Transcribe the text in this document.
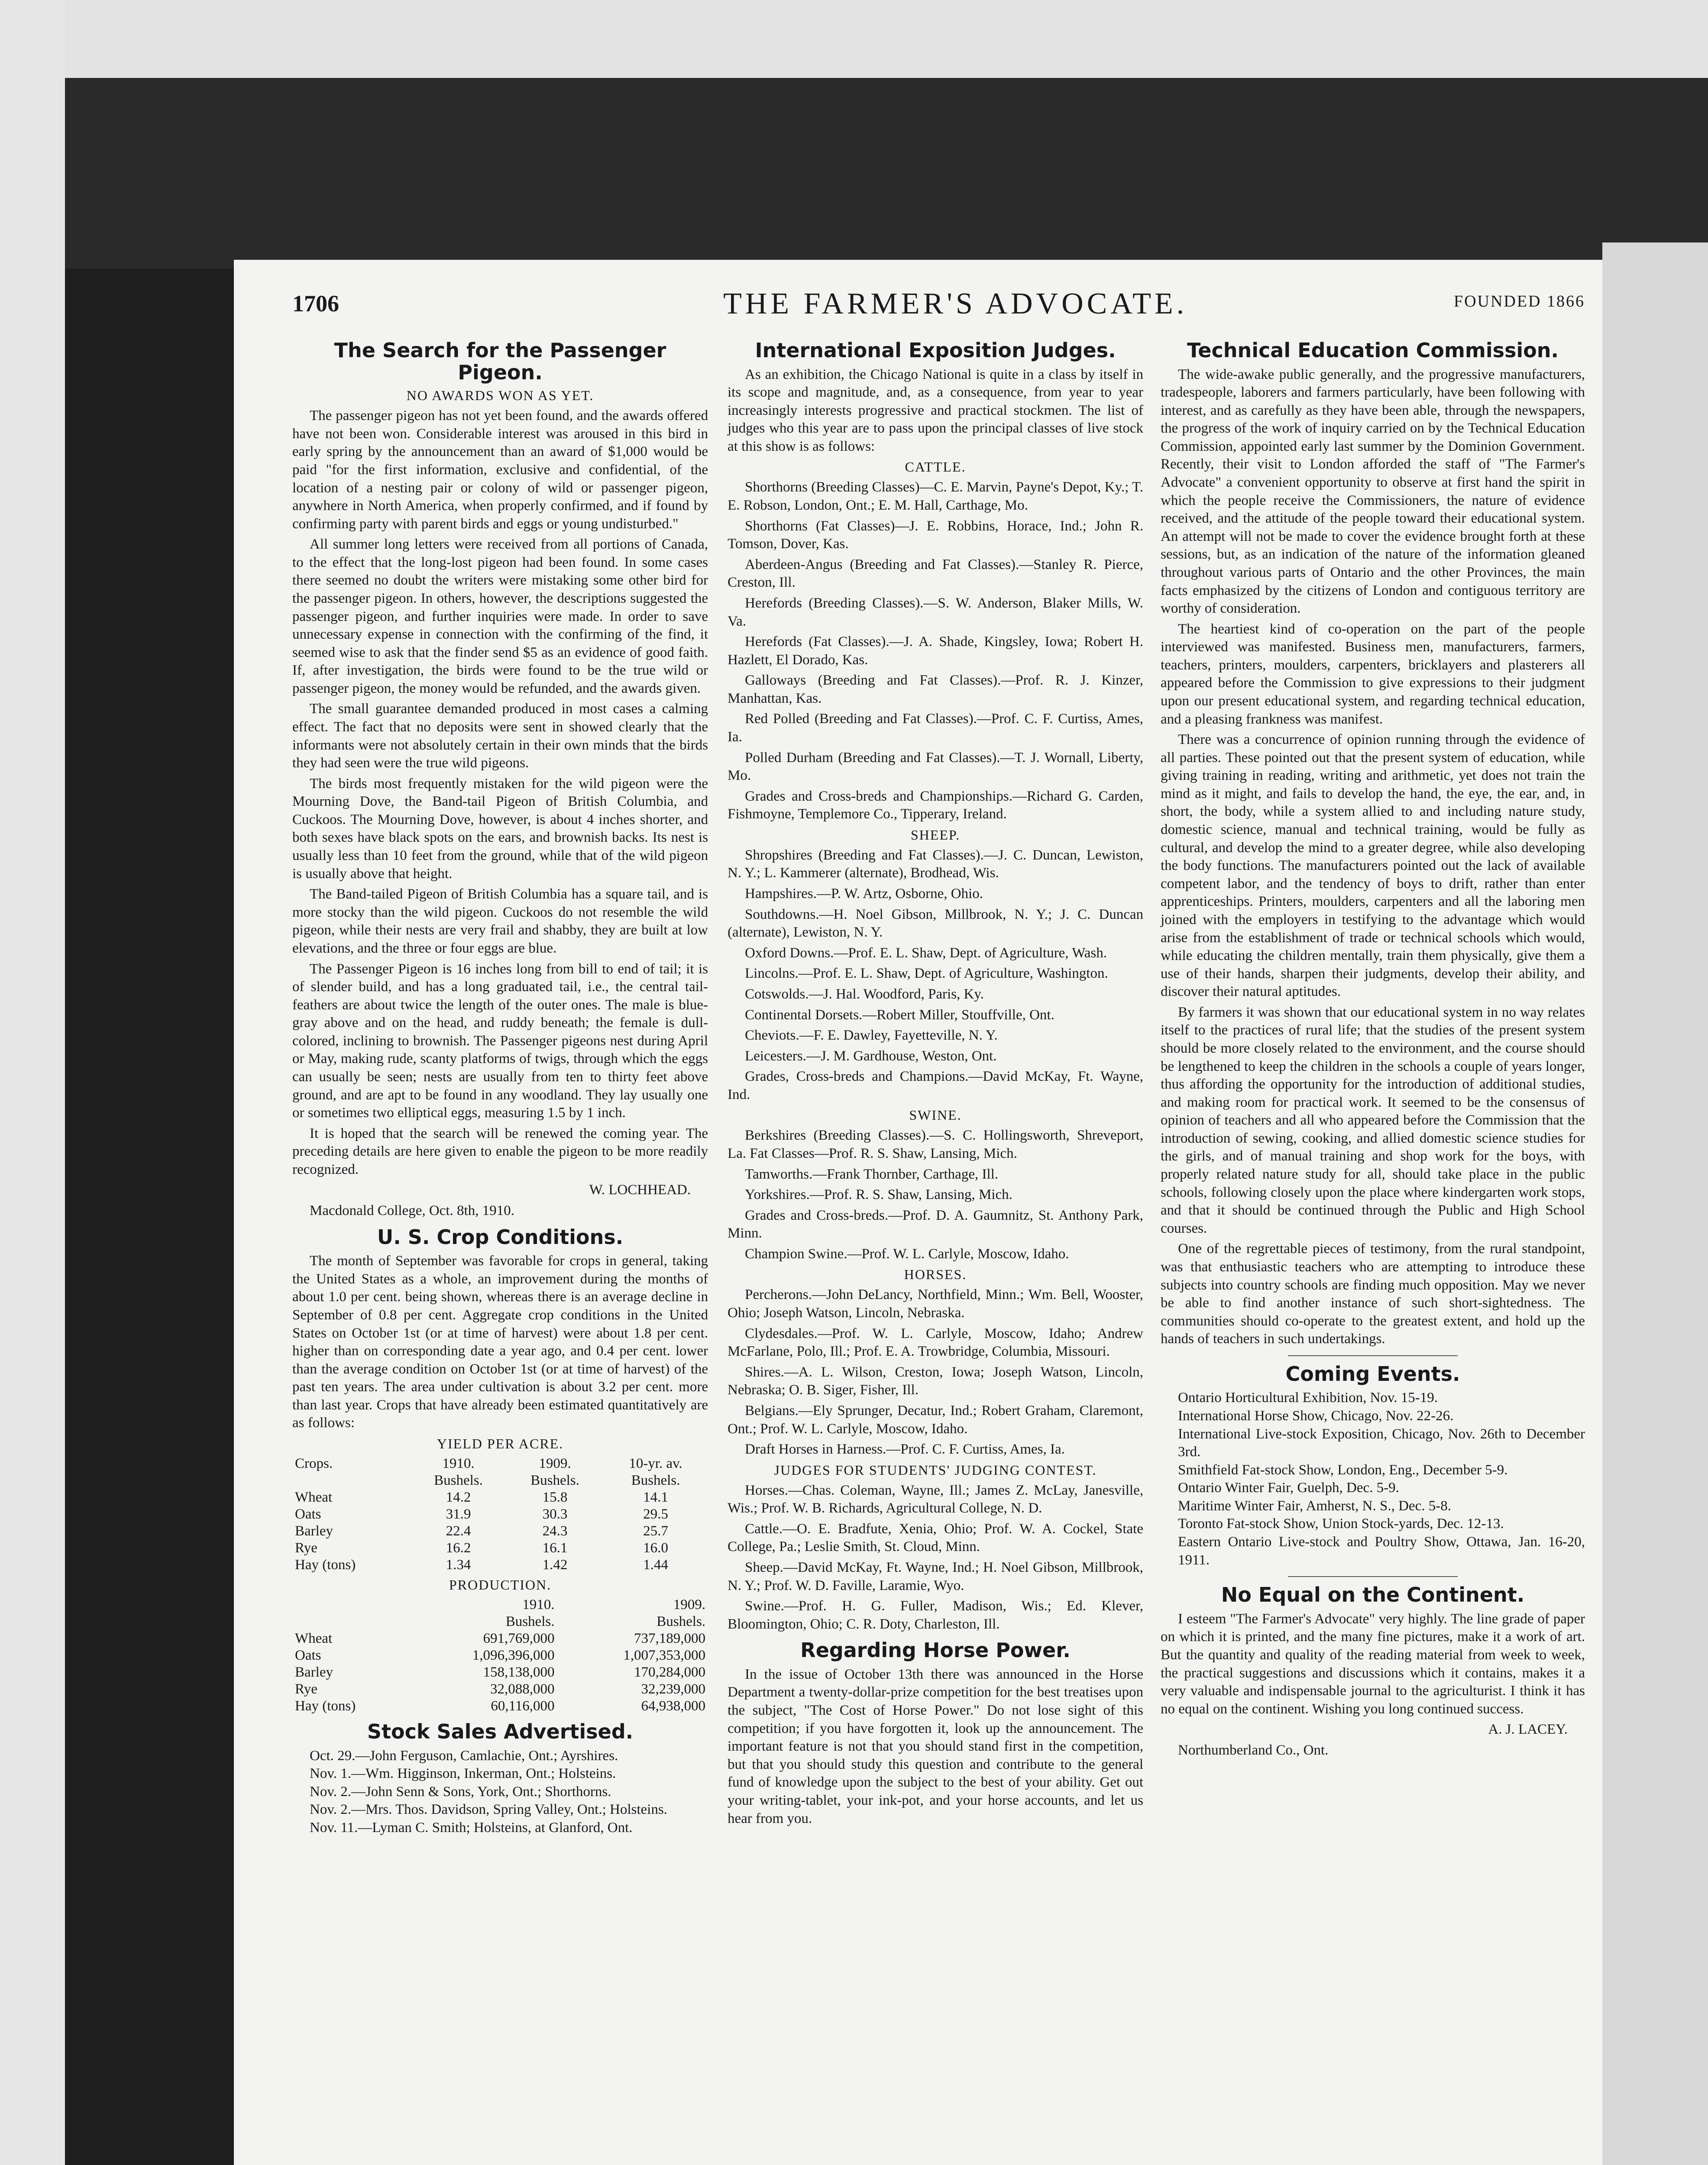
1706	THE FARMER'S ADVOCATE.	FOUNDED 1866
The Search for the Passenger Pigeon.
NO AWARDS WON AS YET.

The passenger pigeon has not yet been found, and the awards offered have not been won. Considerable interest was aroused in this bird in early spring by the announcement than an award of $1,000 would be paid "for the first information, exclusive and confidential, of the location of a nesting pair or colony of wild or passenger pigeon, anywhere in North America, when properly confirmed, and if found by confirming party with parent birds and eggs or young undisturbed."

All summer long letters were received from all portions of Canada, to the effect that the long-lost pigeon had been found. In some cases there seemed no doubt the writers were mistaking some other bird for the passenger pigeon. In others, however, the descriptions suggested the passenger pigeon, and further inquiries were made. In order to save unnecessary expense in connection with the confirming of the find, it seemed wise to ask that the finder send $5 as an evidence of good faith. If, after investigation, the birds were found to be the true wild or passenger pigeon, the money would be refunded, and the awards given.

The small guarantee demanded produced in most cases a calming effect. The fact that no deposits were sent in showed clearly that the informants were not absolutely certain in their own minds that the birds they had seen were the true wild pigeons.

The birds most frequently mistaken for the wild pigeon were the Mourning Dove, the Band-tail Pigeon of British Columbia, and Cuckoos. The Mourning Dove, however, is about 4 inches shorter, and both sexes have black spots on the ears, and brownish backs. Its nest is usually less than 10 feet from the ground, while that of the wild pigeon is usually above that height.

The Band-tailed Pigeon of British Columbia has a square tail, and is more stocky than the wild pigeon. Cuckoos do not resemble the wild pigeon, while their nests are very frail and shabby, they are built at low elevations, and the three or four eggs are blue.

The Passenger Pigeon is 16 inches long from bill to end of tail; it is of slender build, and has a long graduated tail, i.e., the central tail-feathers are about twice the length of the outer ones. The male is blue-gray above and on the head, and ruddy beneath; the female is dull-colored, inclining to brownish. The Passenger pigeons nest during April or May, making rude, scanty platforms of twigs, through which the eggs can usually be seen; nests are usually from ten to thirty feet above ground, and are apt to be found in any woodland. They lay usually one or sometimes two elliptical eggs, measuring 1.5 by 1 inch.

It is hoped that the search will be renewed the coming year. The preceding details are here given to enable the pigeon to be more readily recognized.

W. LOCHHEAD.

Macdonald College, Oct. 8th, 1910.

U. S. Crop Conditions.

The month of September was favorable for crops in general, taking the United States as a whole, an improvement during the months of about 1.0 per cent. being shown, whereas there is an average decline in September of 0.8 per cent. Aggregate crop conditions in the United States on October 1st (or at time of harvest) were about 1.8 per cent. higher than on corresponding date a year ago, and 0.4 per cent. lower than the average condition on October 1st (or at time of harvest) of the past ten years. The area under cultivation is about 3.2 per cent. more than last year. Crops that have already been estimated quantitatively are as follows:

YIELD PER ACRE.
Crops.	1910.	1909.	10-yr. av.
	Bushels.	Bushels.	Bushels.
Wheat	14.2	15.8	14.1
Oats	31.9	30.3	29.5
Barley	22.4	24.3	25.7
Rye	16.2	16.1	16.0
Hay (tons)	1.34	1.42	1.44
PRODUCTION.
	1910.	1909.
	Bushels.	Bushels.
Wheat	691,769,000	737,189,000
Oats	1,096,396,000	1,007,353,000
Barley	158,138,000	170,284,000
Rye	32,088,000	32,239,000
Hay (tons)	60,116,000	64,938,000
Stock Sales Advertised.

Oct. 29.—John Ferguson, Camlachie, Ont.; Ayrshires.

Nov. 1.—Wm. Higginson, Inkerman, Ont.; Holsteins.

Nov. 2.—John Senn & Sons, York, Ont.; Shorthorns.

Nov. 2.—Mrs. Thos. Davidson, Spring Valley, Ont.; Holsteins.

Nov. 11.—Lyman C. Smith; Holsteins, at Glanford, Ont.

International Exposition Judges.

As an exhibition, the Chicago National is quite in a class by itself in its scope and magnitude, and, as a consequence, from year to year increasingly interests progressive and practical stockmen. The list of judges who this year are to pass upon the principal classes of live stock at this show is as follows:

CATTLE.

Shorthorns (Breeding Classes)—C. E. Marvin, Payne's Depot, Ky.; T. E. Robson, London, Ont.; E. M. Hall, Carthage, Mo.

Shorthorns (Fat Classes)—J. E. Robbins, Horace, Ind.; John R. Tomson, Dover, Kas.

Aberdeen-Angus (Breeding and Fat Classes).—Stanley R. Pierce, Creston, Ill.

Herefords (Breeding Classes).—S. W. Anderson, Blaker Mills, W. Va.

Herefords (Fat Classes).—J. A. Shade, Kingsley, Iowa; Robert H. Hazlett, El Dorado, Kas.

Galloways (Breeding and Fat Classes).—Prof. R. J. Kinzer, Manhattan, Kas.

Red Polled (Breeding and Fat Classes).—Prof. C. F. Curtiss, Ames, Ia.

Polled Durham (Breeding and Fat Classes).—T. J. Wornall, Liberty, Mo.

Grades and Cross-breds and Championships.—Richard G. Carden, Fishmoyne, Templemore Co., Tipperary, Ireland.

SHEEP.

Shropshires (Breeding and Fat Classes).—J. C. Duncan, Lewiston, N. Y.; L. Kammerer (alternate), Brodhead, Wis.

Hampshires.—P. W. Artz, Osborne, Ohio.

Southdowns.—H. Noel Gibson, Millbrook, N. Y.; J. C. Duncan (alternate), Lewiston, N. Y.

Oxford Downs.—Prof. E. L. Shaw, Dept. of Agriculture, Wash.

Lincolns.—Prof. E. L. Shaw, Dept. of Agriculture, Washington.

Cotswolds.—J. Hal. Woodford, Paris, Ky.

Continental Dorsets.—Robert Miller, Stouffville, Ont.

Cheviots.—F. E. Dawley, Fayetteville, N. Y.

Leicesters.—J. M. Gardhouse, Weston, Ont.

Grades, Cross-breds and Champions.—David McKay, Ft. Wayne, Ind.

SWINE.

Berkshires (Breeding Classes).—S. C. Hollingsworth, Shreveport, La. Fat Classes—Prof. R. S. Shaw, Lansing, Mich.

Tamworths.—Frank Thornber, Carthage, Ill.

Yorkshires.—Prof. R. S. Shaw, Lansing, Mich.

Grades and Cross-breds.—Prof. D. A. Gaumnitz, St. Anthony Park, Minn.

Champion Swine.—Prof. W. L. Carlyle, Moscow, Idaho.

HORSES.

Percherons.—John DeLancy, Northfield, Minn.; Wm. Bell, Wooster, Ohio; Joseph Watson, Lincoln, Nebraska.

Clydesdales.—Prof. W. L. Carlyle, Moscow, Idaho; Andrew McFarlane, Polo, Ill.; Prof. E. A. Trowbridge, Columbia, Missouri.

Shires.—A. L. Wilson, Creston, Iowa; Joseph Watson, Lincoln, Nebraska; O. B. Siger, Fisher, Ill.

Belgians.—Ely Sprunger, Decatur, Ind.; Robert Graham, Claremont, Ont.; Prof. W. L. Carlyle, Moscow, Idaho.

Draft Horses in Harness.—Prof. C. F. Curtiss, Ames, Ia.

JUDGES FOR STUDENTS' JUDGING CONTEST.

Horses.—Chas. Coleman, Wayne, Ill.; James Z. McLay, Janesville, Wis.; Prof. W. B. Richards, Agricultural College, N. D.

Cattle.—O. E. Bradfute, Xenia, Ohio; Prof. W. A. Cockel, State College, Pa.; Leslie Smith, St. Cloud, Minn.

Sheep.—David McKay, Ft. Wayne, Ind.; H. Noel Gibson, Millbrook, N. Y.; Prof. W. D. Faville, Laramie, Wyo.

Swine.—Prof. H. G. Fuller, Madison, Wis.; Ed. Klever, Bloomington, Ohio; C. R. Doty, Charleston, Ill.

Regarding Horse Power.

In the issue of October 13th there was announced in the Horse Department a twenty-dollar-prize competition for the best treatises upon the subject, "The Cost of Horse Power." Do not lose sight of this competition; if you have forgotten it, look up the announcement. The important feature is not that you should stand first in the competition, but that you should study this question and contribute to the general fund of knowledge upon the subject to the best of your ability. Get out your writing-tablet, your ink-pot, and your horse accounts, and let us hear from you.

Technical Education Commission.

The wide-awake public generally, and the progressive manufacturers, tradespeople, laborers and farmers particularly, have been following with interest, and as carefully as they have been able, through the newspapers, the progress of the work of inquiry carried on by the Technical Education Commission, appointed early last summer by the Dominion Government. Recently, their visit to London afforded the staff of "The Farmer's Advocate" a convenient opportunity to observe at first hand the spirit in which the people receive the Commissioners, the nature of evidence received, and the attitude of the people toward their educational system. An attempt will not be made to cover the evidence brought forth at these sessions, but, as an indication of the nature of the information gleaned throughout various parts of Ontario and the other Provinces, the main facts emphasized by the citizens of London and contiguous territory are worthy of consideration.

The heartiest kind of co-operation on the part of the people interviewed was manifested. Business men, manufacturers, farmers, teachers, printers, moulders, carpenters, bricklayers and plasterers all appeared before the Commission to give expressions to their judgment upon our present educational system, and regarding technical education, and a pleasing frankness was manifest.

There was a concurrence of opinion running through the evidence of all parties. These pointed out that the present system of education, while giving training in reading, writing and arithmetic, yet does not train the mind as it might, and fails to develop the hand, the eye, the ear, and, in short, the body, while a system allied to and including nature study, domestic science, manual and technical training, would be fully as cultural, and develop the mind to a greater degree, while also developing the body functions. The manufacturers pointed out the lack of available competent labor, and the tendency of boys to drift, rather than enter apprenticeships. Printers, moulders, carpenters and all the laboring men joined with the employers in testifying to the advantage which would arise from the establishment of trade or technical schools which would, while educating the children mentally, train them physically, give them a use of their hands, sharpen their judgments, develop their ability, and discover their natural aptitudes.

By farmers it was shown that our educational system in no way relates itself to the practices of rural life; that the studies of the present system should be more closely related to the environment, and the course should be lengthened to keep the children in the schools a couple of years longer, thus affording the opportunity for the introduction of additional studies, and making room for practical work. It seemed to be the consensus of opinion of teachers and all who appeared before the Commission that the introduction of sewing, cooking, and allied domestic science studies for the girls, and of manual training and shop work for the boys, with properly related nature study for all, should take place in the public schools, following closely upon the place where kindergarten work stops, and that it should be continued through the Public and High School courses.

One of the regrettable pieces of testimony, from the rural standpoint, was that enthusiastic teachers who are attempting to introduce these subjects into country schools are finding much opposition. May we never be able to find another instance of such short-sightedness. The communities should co-operate to the greatest extent, and hold up the hands of teachers in such undertakings.

Coming Events.

Ontario Horticultural Exhibition, Nov. 15-19.

International Horse Show, Chicago, Nov. 22-26.

International Live-stock Exposition, Chicago, Nov. 26th to December 3rd.

Smithfield Fat-stock Show, London, Eng., December 5-9.

Ontario Winter Fair, Guelph, Dec. 5-9.

Maritime Winter Fair, Amherst, N. S., Dec. 5-8.

Toronto Fat-stock Show, Union Stock-yards, Dec. 12-13.

Eastern Ontario Live-stock and Poultry Show, Ottawa, Jan. 16-20, 1911.

No Equal on the Continent.

I esteem "The Farmer's Advocate" very highly. The line grade of paper on which it is printed, and the many fine pictures, make it a work of art. But the quantity and quality of the reading material from week to week, the practical suggestions and discussions which it contains, makes it a very valuable and indispensable journal to the agriculturist. I think it has no equal on the continent. Wishing you long continued success.

A. J. LACEY.

Northumberland Co., Ont.
